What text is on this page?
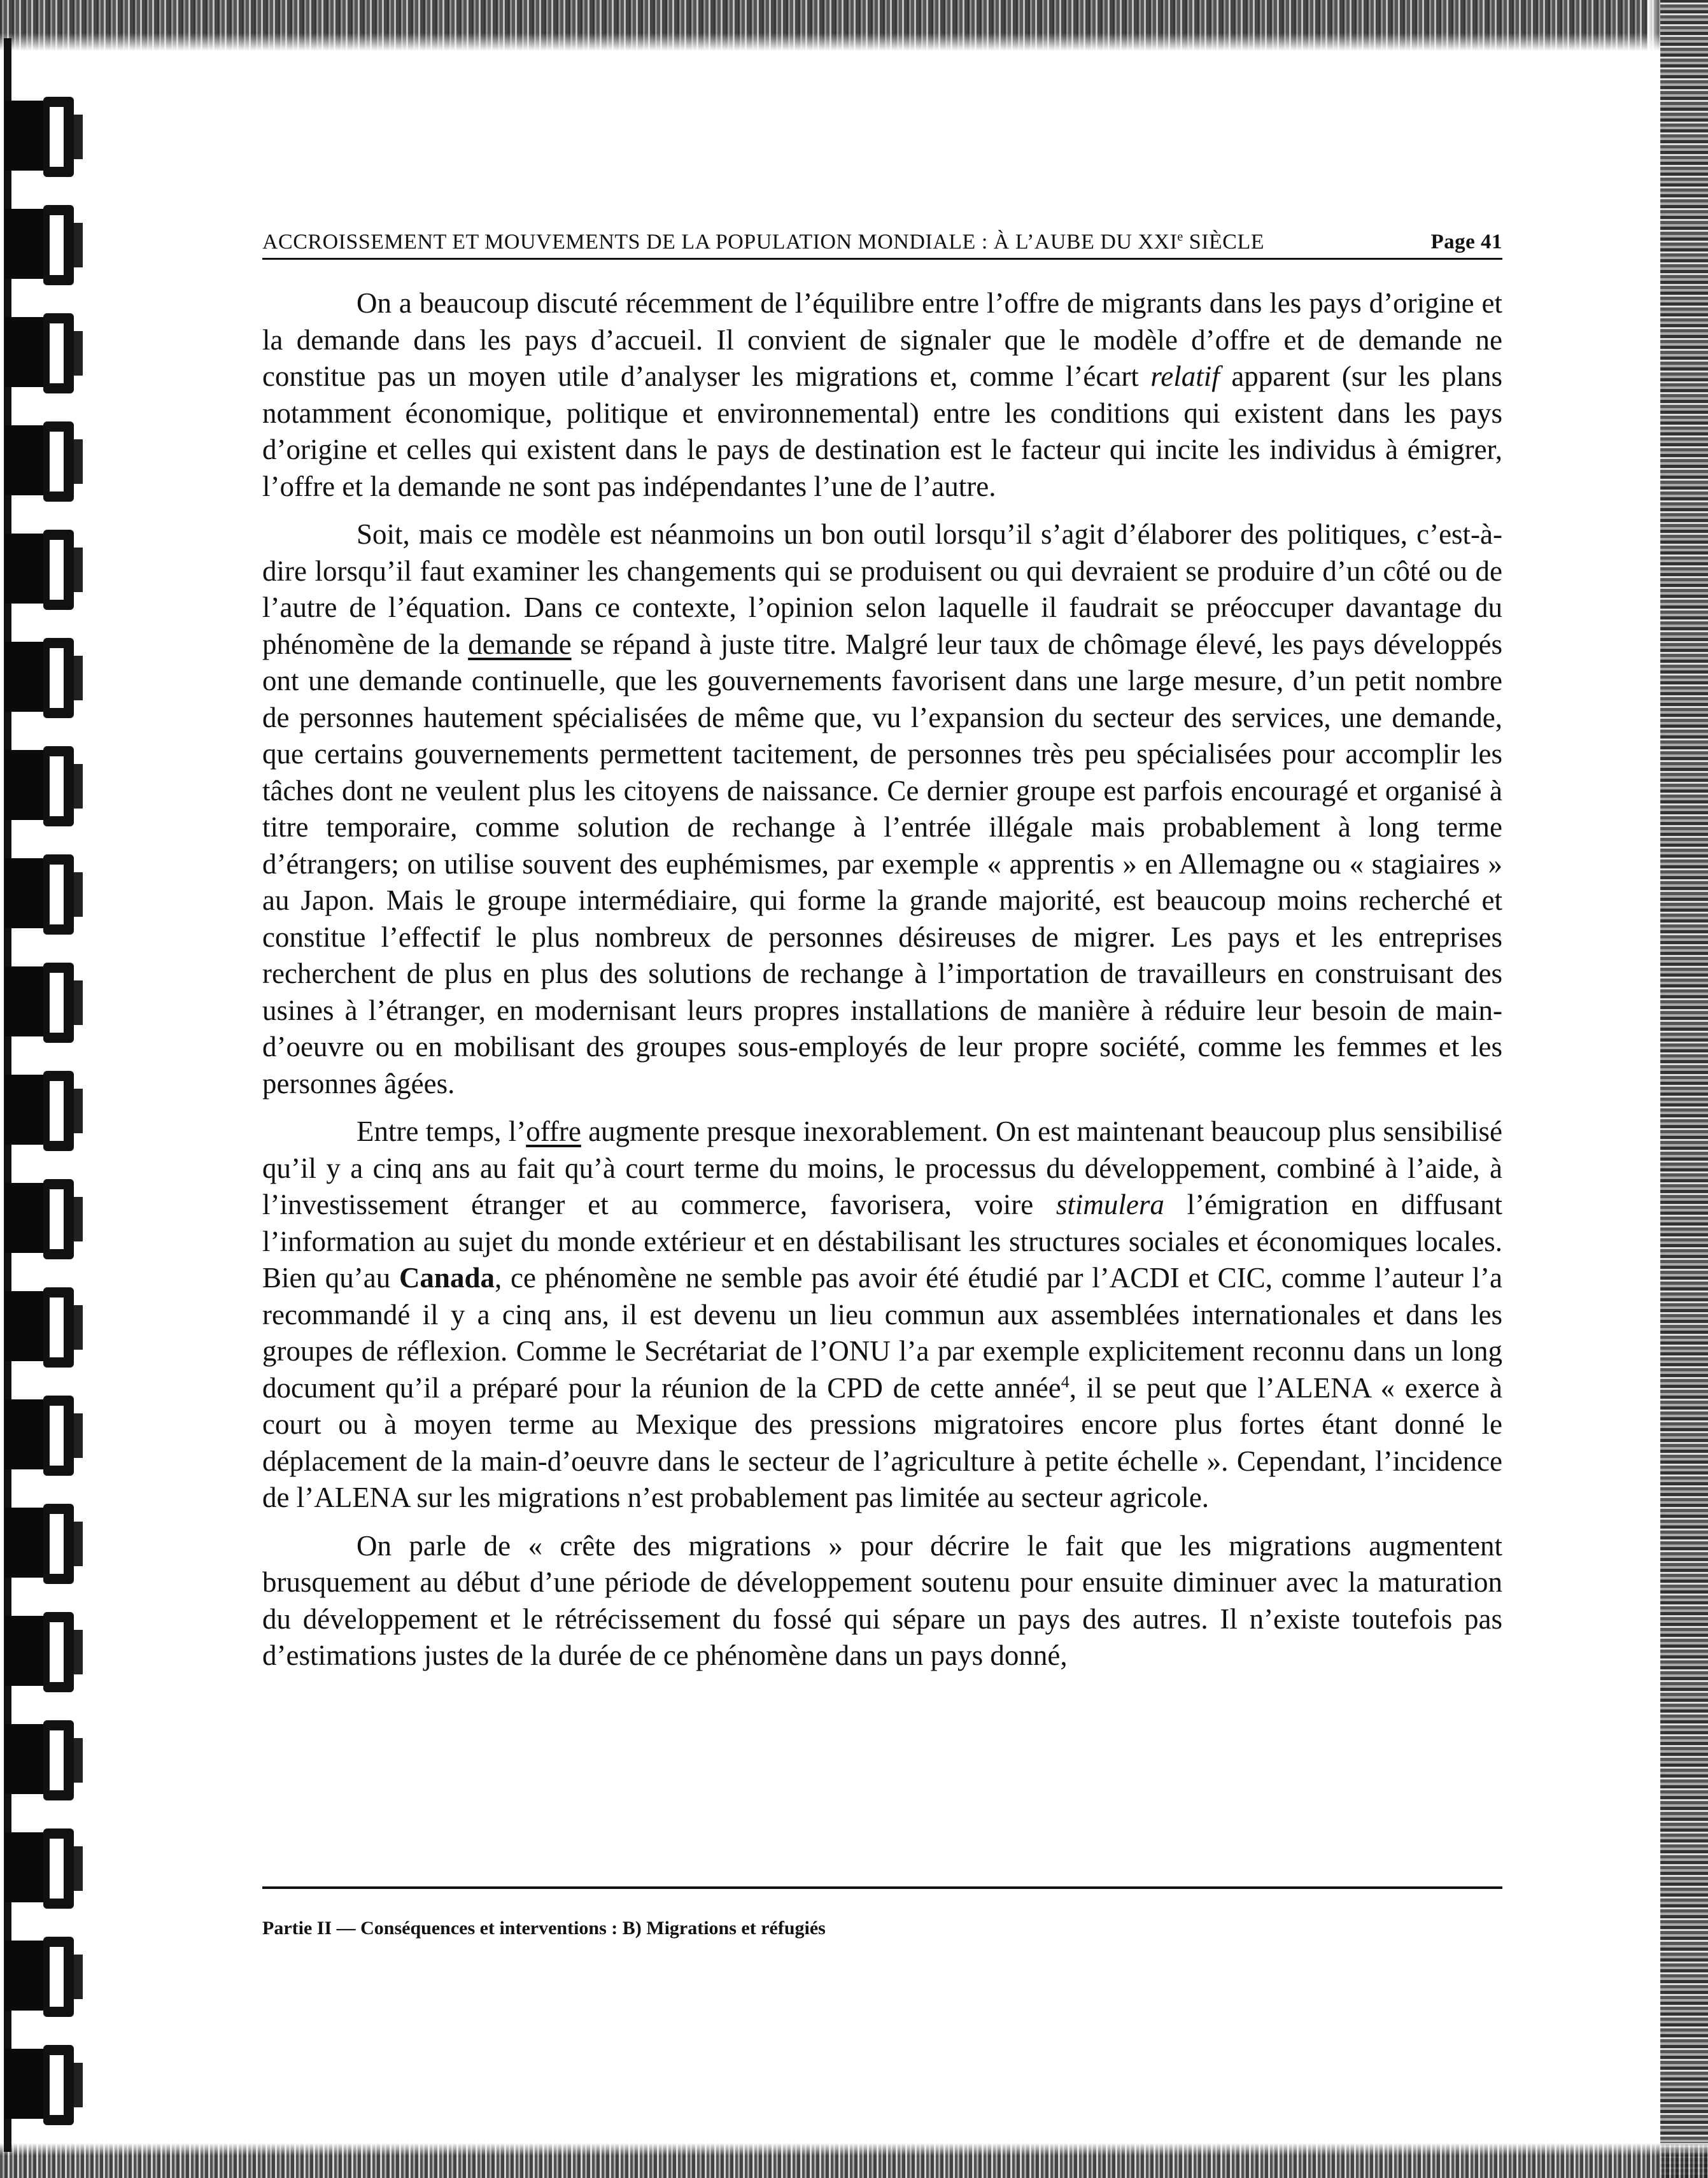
ACCROISSEMENT ET MOUVEMENTS DE LA POPULATION MONDIALE : À L’AUBE DU XXIe SIÈCLE	Page 41

On a beaucoup discuté récemment de l’équilibre entre l’offre de migrants dans les pays d’origine et la demande dans les pays d’accueil. Il convient de signaler que le modèle d’offre et de demande ne constitue pas un moyen utile d’analyser les migrations et, comme l’écart relatif apparent (sur les plans notamment économique, politique et environnemental) entre les conditions qui existent dans les pays d’origine et celles qui existent dans le pays de destination est le facteur qui incite les individus à émigrer, l’offre et la demande ne sont pas indépendantes l’une de l’autre.

Soit, mais ce modèle est néanmoins un bon outil lorsqu’il s’agit d’élaborer des politiques, c’est-à-dire lorsqu’il faut examiner les changements qui se produisent ou qui devraient se produire d’un côté ou de l’autre de l’équation. Dans ce contexte, l’opinion selon laquelle il faudrait se préoccuper davantage du phénomène de la demande se répand à juste titre. Malgré leur taux de chômage élevé, les pays développés ont une demande continuelle, que les gouvernements favorisent dans une large mesure, d’un petit nombre de personnes hautement spécialisées de même que, vu l’expansion du secteur des services, une demande, que certains gouvernements permettent tacitement, de personnes très peu spécialisées pour accomplir les tâches dont ne veulent plus les citoyens de naissance. Ce dernier groupe est parfois encouragé et organisé à titre temporaire, comme solution de rechange à l’entrée illégale mais probablement à long terme d’étrangers; on utilise souvent des euphémismes, par exemple « apprentis » en Allemagne ou « stagiaires » au Japon. Mais le groupe intermédiaire, qui forme la grande majorité, est beaucoup moins recherché et constitue l’effectif le plus nombreux de personnes désireuses de migrer. Les pays et les entreprises recherchent de plus en plus des solutions de rechange à l’importation de travailleurs en construisant des usines à l’étranger, en modernisant leurs propres installations de manière à réduire leur besoin de main-d’oeuvre ou en mobilisant des groupes sous-employés de leur propre société, comme les femmes et les personnes âgées.

Entre temps, l’offre augmente presque inexorablement. On est maintenant beaucoup plus sensibilisé qu’il y a cinq ans au fait qu’à court terme du moins, le processus du développement, combiné à l’aide, à l’investissement étranger et au commerce, favorisera, voire stimulera l’émigration en diffusant l’information au sujet du monde extérieur et en déstabilisant les structures sociales et économiques locales. Bien qu’au Canada, ce phénomène ne semble pas avoir été étudié par l’ACDI et CIC, comme l’auteur l’a recommandé il y a cinq ans, il est devenu un lieu commun aux assemblées internationales et dans les groupes de réflexion. Comme le Secrétariat de l’ONU l’a par exemple explicitement reconnu dans un long document qu’il a préparé pour la réunion de la CPD de cette année$^4$, il se peut que l’ALENA « exerce à court ou à moyen terme au Mexique des pressions migratoires encore plus fortes étant donné le déplacement de la main-d’oeuvre dans le secteur de l’agriculture à petite échelle ». Cependant, l’incidence de l’ALENA sur les migrations n’est probablement pas limitée au secteur agricole.

On parle de « crête des migrations » pour décrire le fait que les migrations augmentent brusquement au début d’une période de développement soutenu pour ensuite diminuer avec la maturation du développement et le rétrécissement du fossé qui sépare un pays des autres. Il n’existe toutefois pas d’estimations justes de la durée de ce phénomène dans un pays donné,

Partie II — Conséquences et interventions : B) Migrations et réfugiés
